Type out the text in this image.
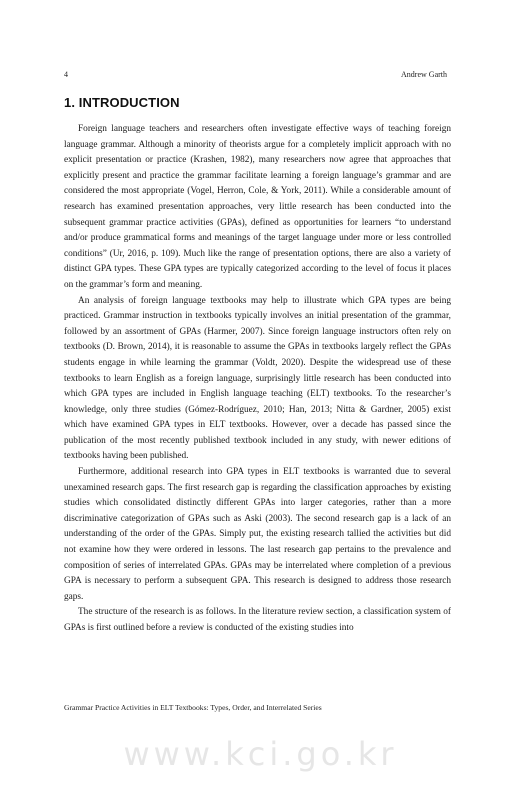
4	Andrew Garth
1. INTRODUCTION

Foreign language teachers and researchers often investigate effective ways of teaching foreign language grammar. Although a minority of theorists argue for a completely implicit approach with no explicit presentation or practice (Krashen, 1982), many researchers now agree that approaches that explicitly present and practice the grammar facilitate learning a foreign language’s grammar and are considered the most appropriate (Vogel, Herron, Cole, & York, 2011). While a considerable amount of research has examined presentation approaches, very little research has been conducted into the subsequent grammar practice activities (GPAs), defined as opportunities for learners “to understand and/or produce grammatical forms and meanings of the target language under more or less controlled conditions” (Ur, 2016, p. 109). Much like the range of presentation options, there are also a variety of distinct GPA types. These GPA types are typically categorized according to the level of focus it places on the grammar’s form and meaning.

An analysis of foreign language textbooks may help to illustrate which GPA types are being practiced. Grammar instruction in textbooks typically involves an initial presentation of the grammar, followed by an assortment of GPAs (Harmer, 2007). Since foreign language instructors often rely on textbooks (D. Brown, 2014), it is reasonable to assume the GPAs in textbooks largely reflect the GPAs students engage in while learning the grammar (Voldt, 2020). Despite the widespread use of these textbooks to learn English as a foreign language, surprisingly little research has been conducted into which GPA types are included in English language teaching (ELT) textbooks. To the researcher’s knowledge, only three studies (Gómez-Rodríguez, 2010; Han, 2013; Nitta & Gardner, 2005) exist which have examined GPA types in ELT textbooks. However, over a decade has passed since the publication of the most recently published textbook included in any study, with newer editions of textbooks having been published.

Furthermore, additional research into GPA types in ELT textbooks is warranted due to several unexamined research gaps. The first research gap is regarding the classification approaches by existing studies which consolidated distinctly different GPAs into larger categories, rather than a more discriminative categorization of GPAs such as Aski (2003). The second research gap is a lack of an understanding of the order of the GPAs. Simply put, the existing research tallied the activities but did not examine how they were ordered in lessons. The last research gap pertains to the prevalence and composition of series of interrelated GPAs. GPAs may be interrelated where completion of a previous GPA is necessary to perform a subsequent GPA. This research is designed to address those research gaps.

The structure of the research is as follows. In the literature review section, a classification system of GPAs is first outlined before a review is conducted of the existing studies into

Grammar Practice Activities in ELT Textbooks: Types, Order, and Interrelated Series
www.kci.go.kr
